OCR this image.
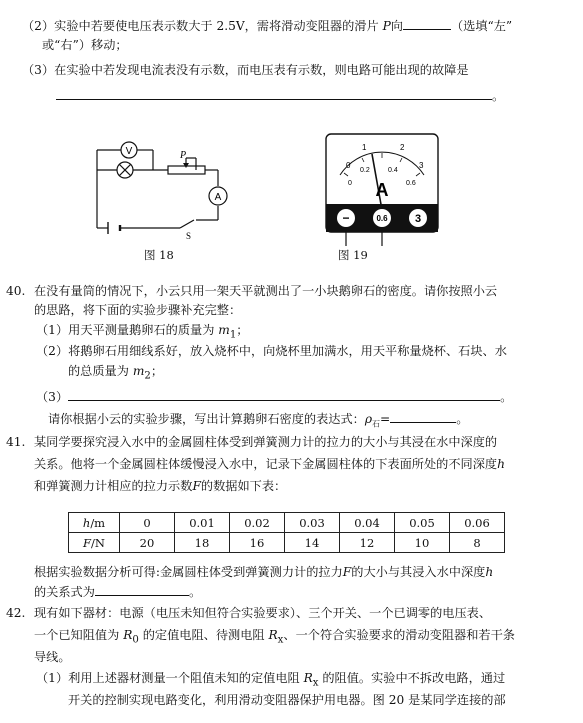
（2）实验中若要使电压表示数大于 2.5V，需将滑动变阻器的滑片 P向	（选填“左”
或“右”）移动；
（3）在实验中若发现电流表没有示数，而电压表有示数，则电路可能出现的故障是
。
V
A
P
S
图 18
0
1	2
3
0
0.2	0.4
0.6
A
−	0.6 3
图 19
40. 在没有量筒的情况下，小云只用一架天平就测出了一小块鹅卵石的密度。请你按照小云
的思路，将下面的实验步骤补充完整：
（1）用天平测量鹅卵石的质量为 $m_1$；
（2）将鹅卵石用细线系好，放入烧杯中，向烧杯里加满水，用天平称量烧杯、石块、水
的总质量为 $m_2$；
（3）	。
请你根据小云的实验步骤，写出计算鹅卵石密度的表达式：$\rho_石=$	。
41. 某同学要探究浸入水中的金属圆柱体受到弹簧测力计的拉力的大小与其浸在水中深度的
关系。他将一个金属圆柱体缓慢浸入水中，记录下金属圆柱体的下表面所处的不同深度h
和弹簧测力计相应的拉力示数F的数据如下表：
h/m	0	0.01	0.02	0.03	0.04	0.05	0.06
F/N	20	18	16	14	12	10	8
根据实验数据分析可得:金属圆柱体受到弹簧测力计的拉力F的大小与其浸入水中深度h
的关系式为	。
42. 现有如下器材：电源（电压未知但符合实验要求）、三个开关、一个已调零的电压表、
一个已知阻值为 $R_0$ 的定值电阻、待测电阻 $R_x$、一个符合实验要求的滑动变阻器和若干条
导线。
（1）利用上述器材测量一个阻值未知的定值电阻 $R_x$ 的阻值。实验中不拆改电路，通过
开关的控制实现电路变化，利用滑动变阻器保护用电器。图 20 是某同学连接的部
